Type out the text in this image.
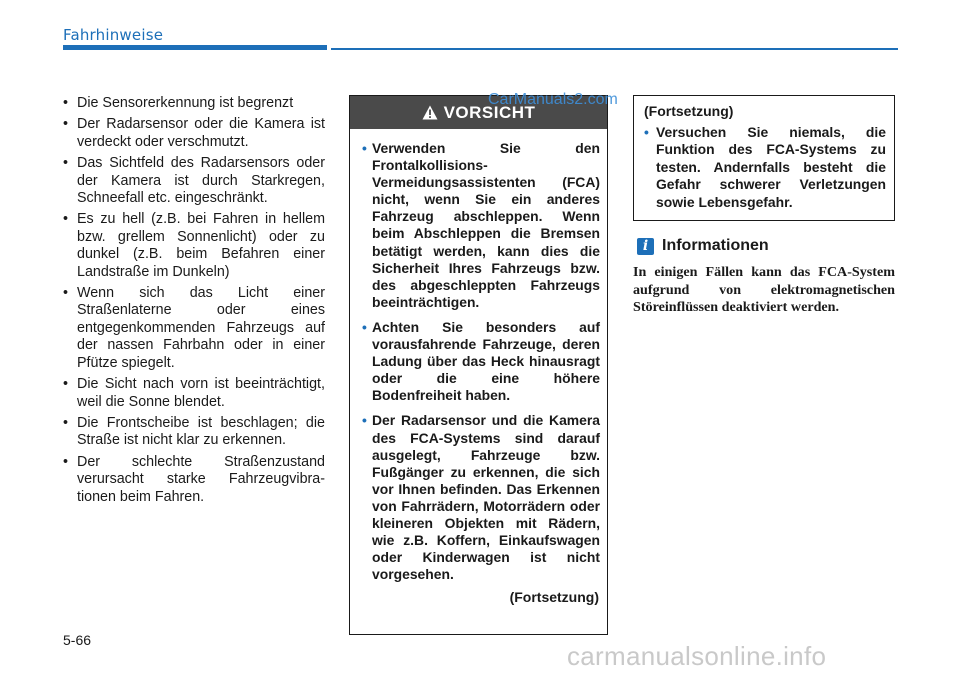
Fahrhinweise
• Die Sensorerkennung ist begrenzt
• Der Radarsensor oder die Kamera ist verdeckt oder verschmutzt.
• Das Sichtfeld des Radarsensors oder der Kamera ist durch Starkregen, Schneefall etc. eingeschränkt.
• Es zu hell (z.B. bei Fahren in hellem bzw. grellem Sonnenlicht) oder zu dunkel (z.B. beim Befahren einer Landstraße im Dunkeln)
• Wenn sich das Licht einer Straßenlaterne oder eines entgegenkommenden Fahrzeugs auf der nassen Fahrbahn oder in einer Pfütze spiegelt.
• Die Sicht nach vorn ist beeinträchtigt, weil die Sonne blendet.
• Die Frontscheibe ist beschlagen; die Straße ist nicht klar zu erkennen.
• Der schlechte Straßenzustand verursacht starke Fahrzeugvibra-tionen beim Fahren.
VORSICHT
• Verwenden Sie den Frontalkollisions-Vermeidungsassistenten (FCA) nicht, wenn Sie ein anderes Fahrzeug abschleppen. Wenn beim Abschleppen die Bremsen betätigt werden, kann dies die Sicherheit Ihres Fahrzeugs bzw. des abgeschleppten Fahrzeugs beeinträchtigen.
• Achten Sie besonders auf vorausfahrende Fahrzeuge, deren Ladung über das Heck hinausragt oder die eine höhere Bodenfreiheit haben.
• Der Radarsensor und die Kamera des FCA-Systems sind darauf ausgelegt, Fahrzeuge bzw. Fußgänger zu erkennen, die sich vor Ihnen befinden. Das Erkennen von Fahrrädern, Motorrädern oder kleineren Objekten mit Rädern, wie z.B. Koffern, Einkaufswagen oder Kinderwagen ist nicht vorgesehen.
(Fortsetzung)
CarManuals2.com
(Fortsetzung)
• Versuchen Sie niemals, die Funktion des FCA-Systems zu testen. Andernfalls besteht die Gefahr schwerer Verletzungen sowie Lebensgefahr.
i Informationen
In einigen Fällen kann das FCA-System aufgrund von elektromagnetischen Störeinflüssen deaktiviert werden.
5-66
carmanualsonline.info
